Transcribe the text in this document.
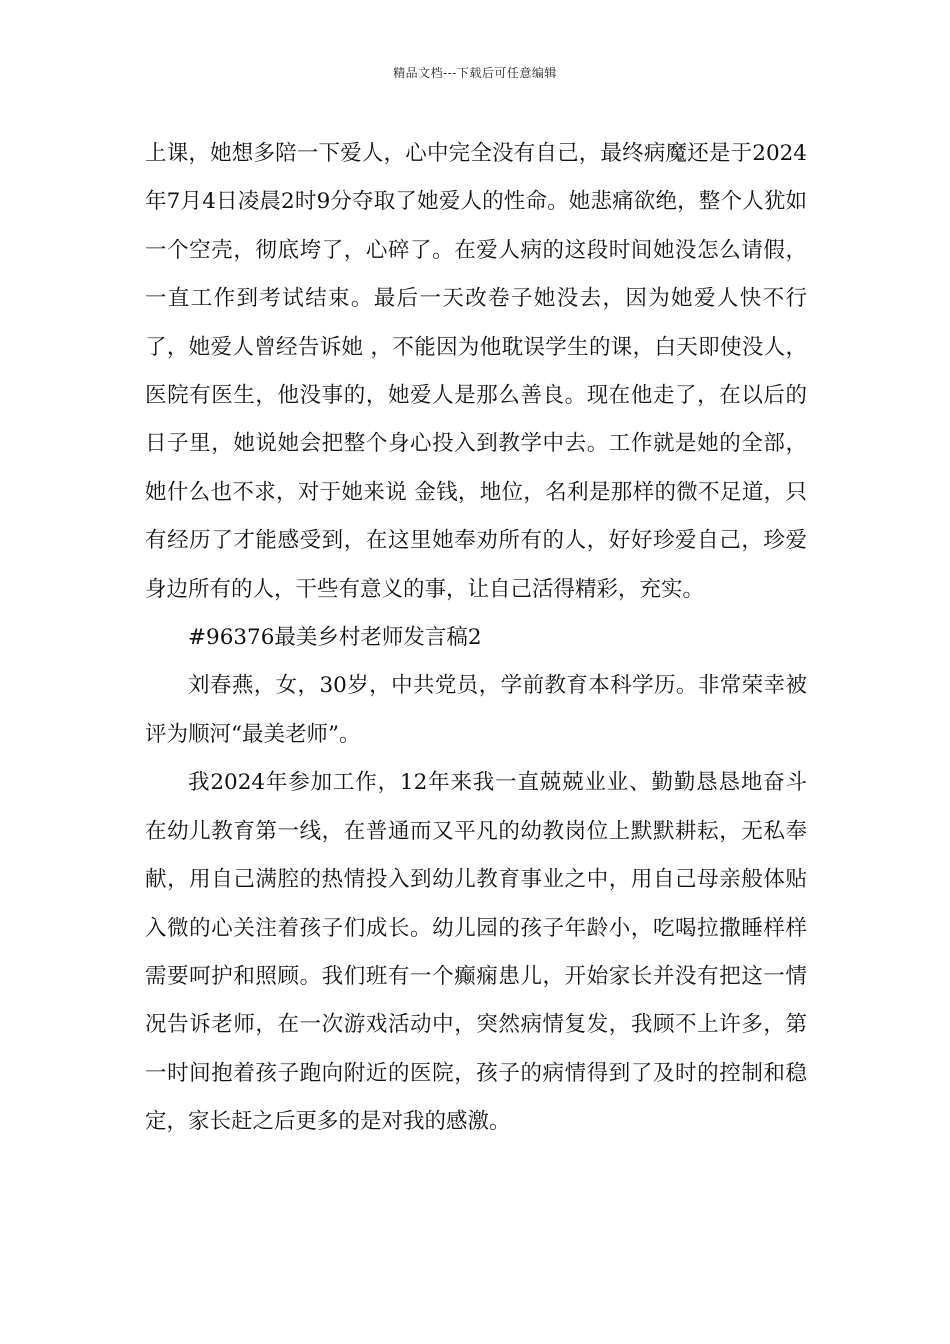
精品文档---下载后可任意编辑

上课，她想多陪一下爱人，心中完全没有自己，最终病魔还是于2024年7月4日凌晨2时9分夺取了她爱人的性命。她悲痛欲绝，整个人犹如一个空壳，彻底垮了，心碎了。在爱人病的这段时间她没怎么请假，一直工作到考试结束。最后一天改卷子她没去，因为她爱人快不行了，她爱人曾经告诉她 ，不能因为他耽误学生的课，白天即使没人，医院有医生，他没事的，她爱人是那么善良。现在他走了，在以后的日子里，她说她会把整个身心投入到教学中去。工作就是她的全部，她什么也不求，对于她来说 金钱，地位，名利是那样的微不足道，只有经历了才能感受到，在这里她奉劝所有的人，好好珍爱自己，珍爱身边所有的人，干些有意义的事，让自己活得精彩，充实。

#96376最美乡村老师发言稿2

刘春燕，女，30岁，中共党员，学前教育本科学历。非常荣幸被评为顺河“最美老师”。

我2024年参加工作，12年来我一直兢兢业业、勤勤恳恳地奋斗在幼儿教育第一线，在普通而又平凡的幼教岗位上默默耕耘，无私奉献，用自己满腔的热情投入到幼儿教育事业之中，用自己母亲般体贴入微的心关注着孩子们成长。幼儿园的孩子年龄小，吃喝拉撒睡样样需要呵护和照顾。我们班有一个癫痫患儿，开始家长并没有把这一情况告诉老师，在一次游戏活动中，突然病情复发，我顾不上许多，第一时间抱着孩子跑向附近的医院，孩子的病情得到了及时的控制和稳定，家长赶之后更多的是对我的感激。
